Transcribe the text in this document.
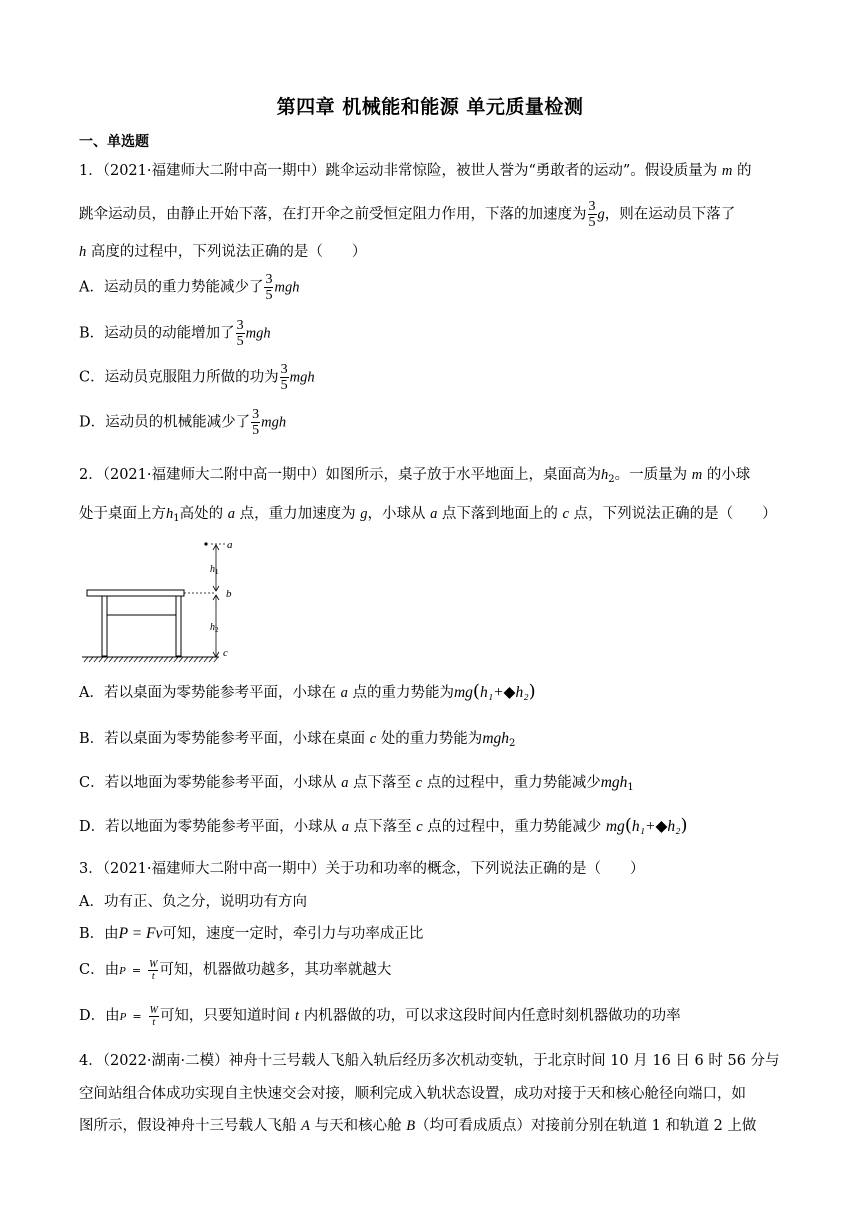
第四章 机械能和能源 单元质量检测
一、单选题
1．（2021·福建师大二附中高一期中）跳伞运动非常惊险，被世人誉为“勇敢者的运动”。假设质量为 m 的
跳伞运动员，由静止开始下落，在打开伞之前受恒定阻力作用，下落的加速度为 $\frac{3}{5}$ g，则在运动员下落了
h 高度的过程中，下列说法正确的是（　　）
A．运动员的重力势能减少了 $\frac{3}{5}$ mgh
B．运动员的动能增加了 $\frac{3}{5}$ mgh
C．运动员克服阻力所做的功为 $\frac{3}{5}$ mgh
D．运动员的机械能减少了 $\frac{3}{5}$ mgh
2．（2021·福建师大二附中高一期中）如图所示，桌子放于水平地面上，桌面高为$h_2$。一质量为 m 的小球
处于桌面上方$h_1$高处的 a 点，重力加速度为 g，小球从 a 点下落到地面上的 c 点，下列说法正确的是（　　）
a
$h_1$
b
$h_2$
c
A．若以桌面为零势能参考平面，小球在 a 点的重力势能为mg(h₁+◆h₂)
B．若以桌面为零势能参考平面，小球在桌面 c 处的重力势能为mgh$_2$
C．若以地面为零势能参考平面，小球从 a 点下落至 c 点的过程中，重力势能减少mgh$_1$
D．若以地面为零势能参考平面，小球从 a 点下落至 c 点的过程中，重力势能减少 mg(h₁+◆h₂)
3．（2021·福建师大二附中高一期中）关于功和功率的概念，下列说法正确的是（　　）
A．功有正、负之分，说明功有方向
B．由P = Fv可知，速度一定时，牵引力与功率成正比
C．由$P = \frac{W}{t}$ 可知，机器做功越多，其功率就越大
D．由$P = \frac{W}{t}$ 可知，只要知道时间 t 内机器做的功，可以求这段时间内任意时刻机器做功的功率
4．（2022·湖南·二模）神舟十三号载人飞船入轨后经历多次机动变轨，于北京时间 10 月 16 日 6 时 56 分与
空间站组合体成功实现自主快速交会对接，顺利完成入轨状态设置，成功对接于天和核心舱径向端口，如
图所示，假设神舟十三号载人飞船 A 与天和核心舱 B（均可看成质点）对接前分别在轨道 1 和轨道 2 上做
